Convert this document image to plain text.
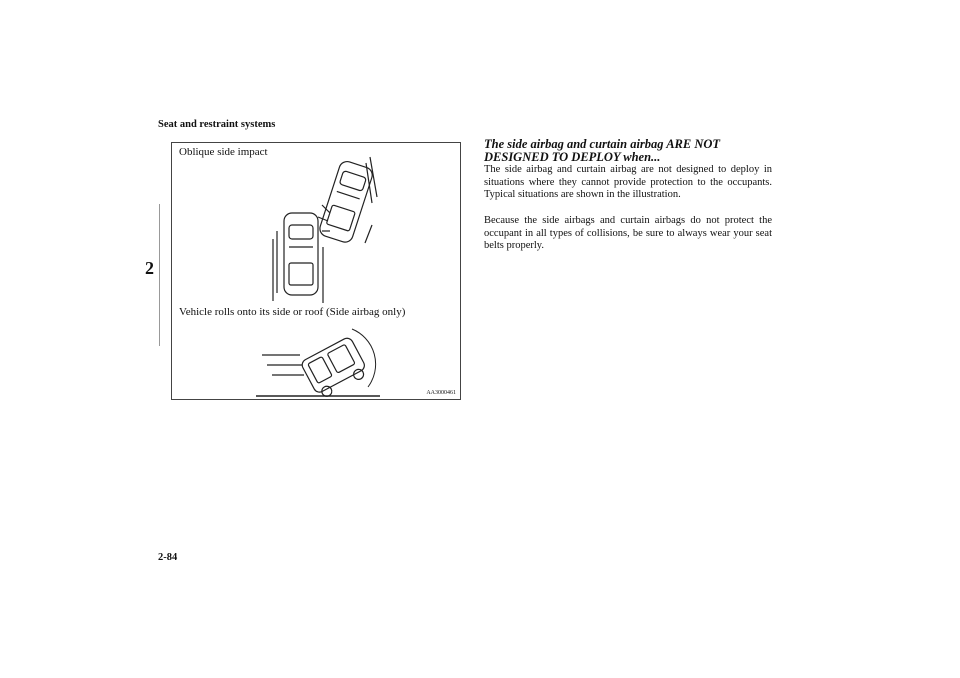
Seat and restraint systems
2
Oblique side impact
Vehicle rolls onto its side or roof (Side airbag only)
AA3000461
The side airbag and curtain airbag ARE NOT DESIGNED TO DEPLOY when...

The side airbag and curtain airbag are not designed to deploy in situations where they cannot provide protection to the occupants. Typical situations are shown in the illustration.

Because the side airbags and curtain airbags do not protect the occupant in all types of collisions, be sure to always wear your seat belts properly.

2-84
